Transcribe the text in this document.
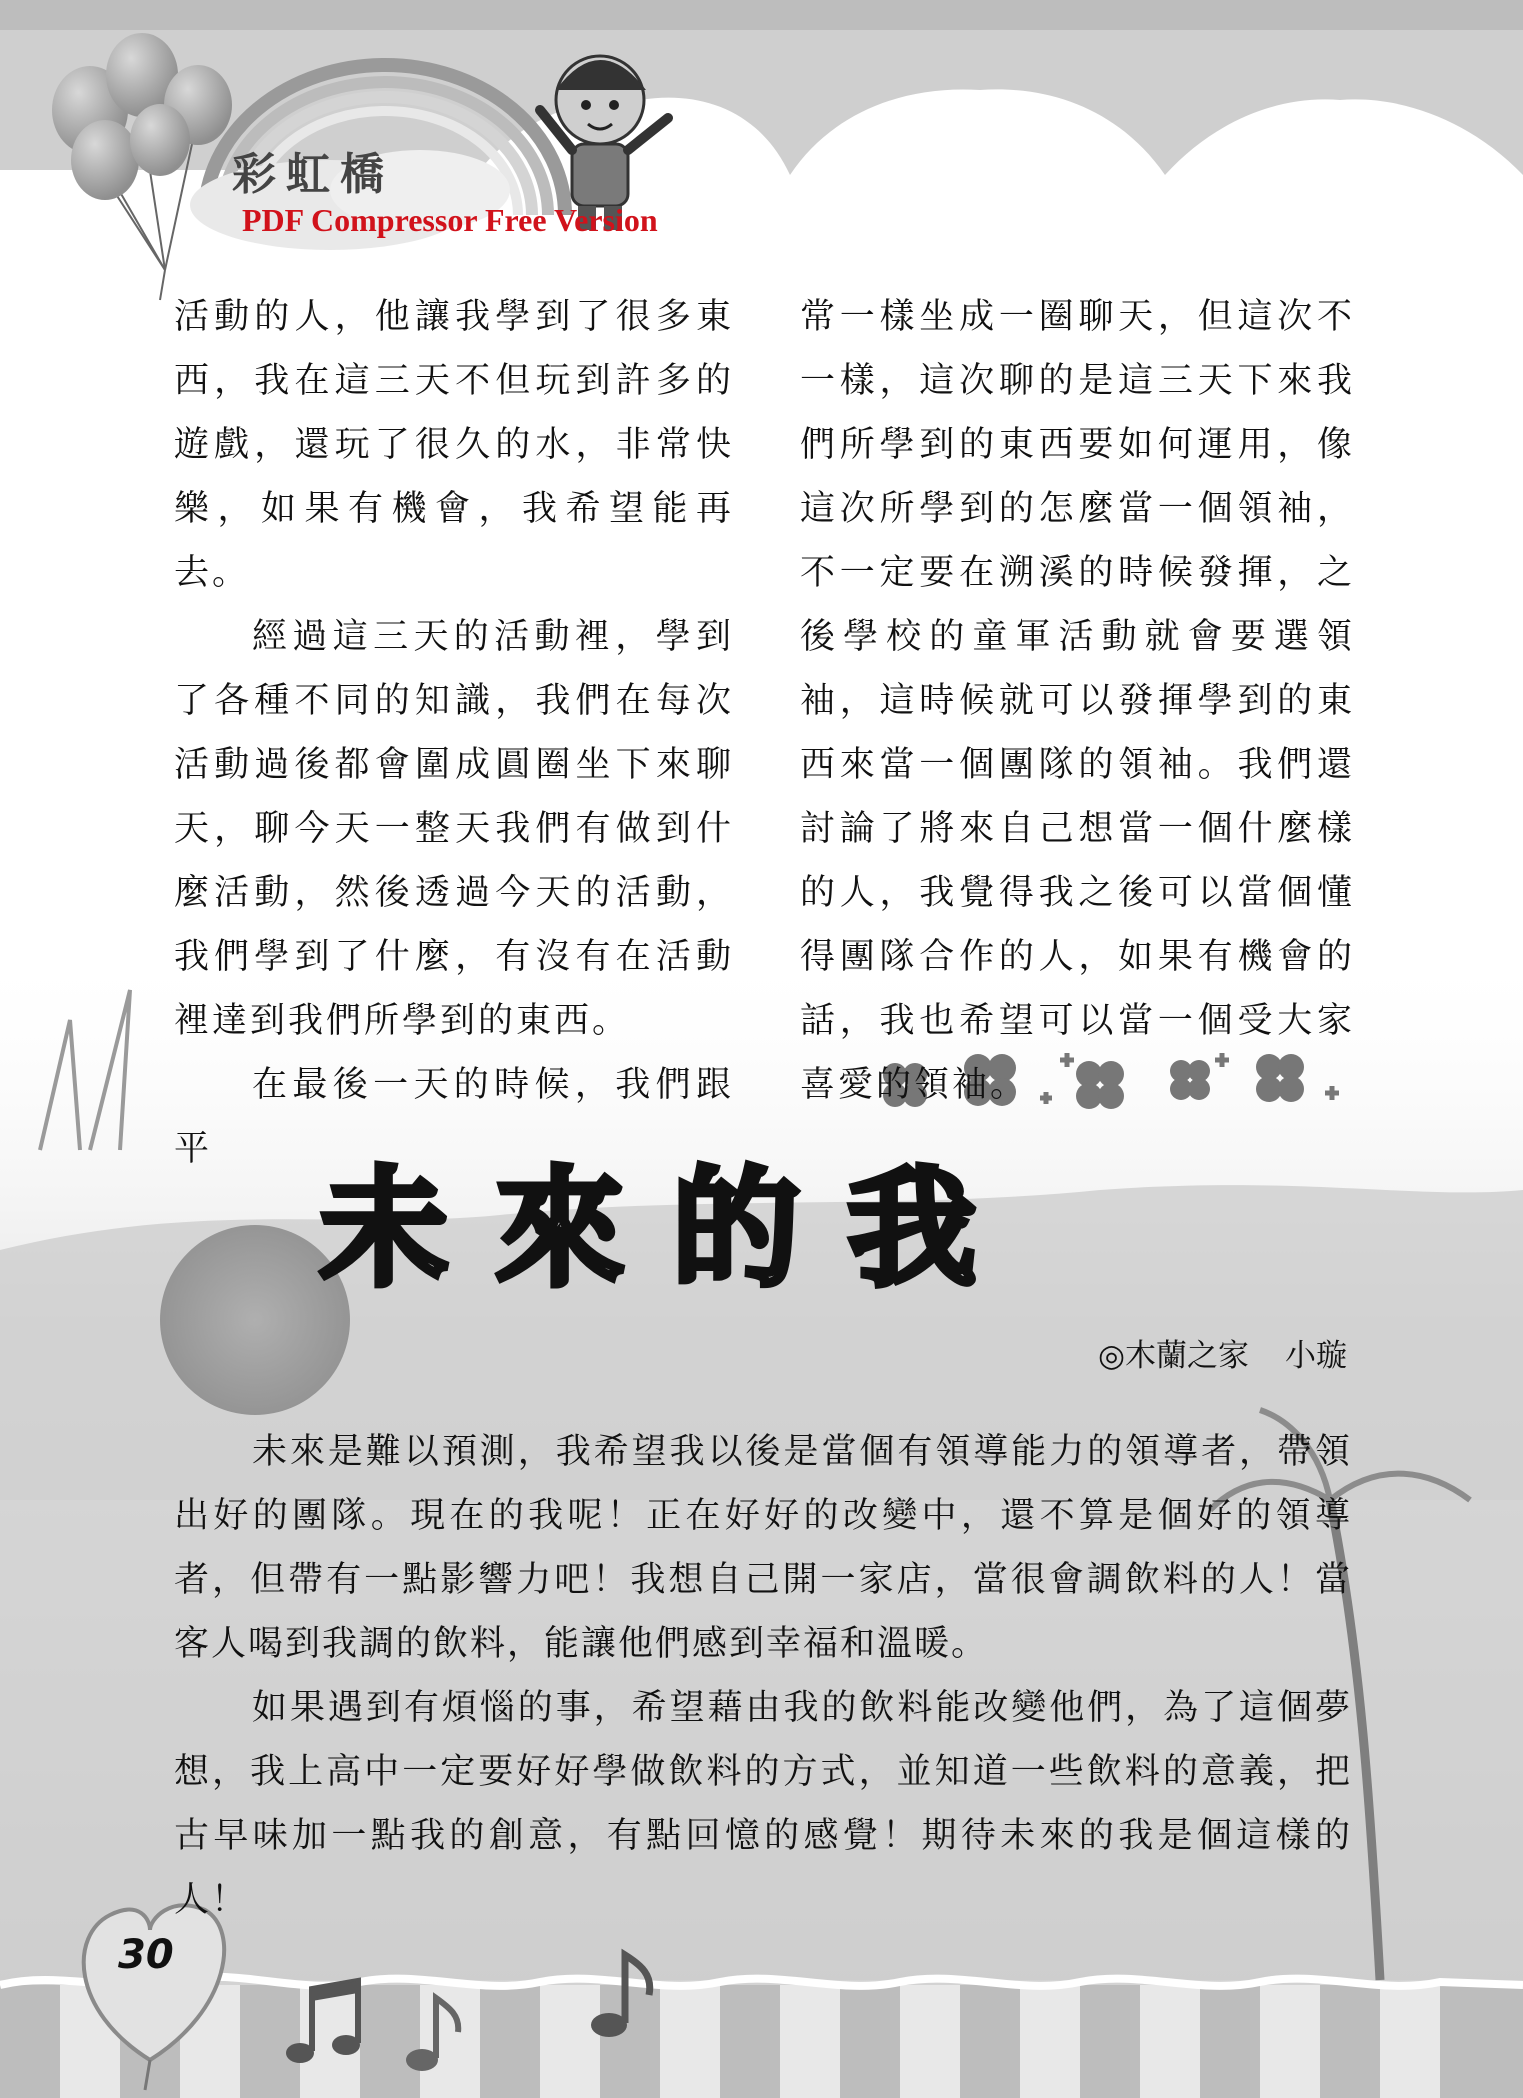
彩虹橋
PDF Compressor Free Version

活動的人，他讓我學到了很多東西，我在這三天不但玩到許多的遊戲，還玩了很久的水，非常快樂，如果有機會，我希望能再去。

經過這三天的活動裡，學到了各種不同的知識，我們在每次活動過後都會圍成圓圈坐下來聊天，聊今天一整天我們有做到什麼活動，然後透過今天的活動，我們學到了什麼，有沒有在活動裡達到我們所學到的東西。

在最後一天的時候，我們跟平

常一樣坐成一圈聊天，但這次不一樣，這次聊的是這三天下來我們所學到的東西要如何運用，像這次所學到的怎麼當一個領袖，不一定要在溯溪的時候發揮，之後學校的童軍活動就會要選領袖，這時候就可以發揮學到的東西來當一個團隊的領袖。我們還討論了將來自己想當一個什麼樣的人，我覺得我之後可以當個懂得團隊合作的人，如果有機會的話，我也希望可以當一個受大家喜愛的領袖。

未來的我
◎木蘭之家 小璇

未來是難以預測，我希望我以後是當個有領導能力的領導者，帶領出好的團隊。現在的我呢！正在好好的改變中，還不算是個好的領導者，但帶有一點影響力吧！我想自己開一家店，當很會調飲料的人！當客人喝到我調的飲料，能讓他們感到幸福和溫暖。

如果遇到有煩惱的事，希望藉由我的飲料能改變他們，為了這個夢想，我上高中一定要好好學做飲料的方式，並知道一些飲料的意義，把古早味加一點我的創意，有點回憶的感覺！期待未來的我是個這樣的人！

30
